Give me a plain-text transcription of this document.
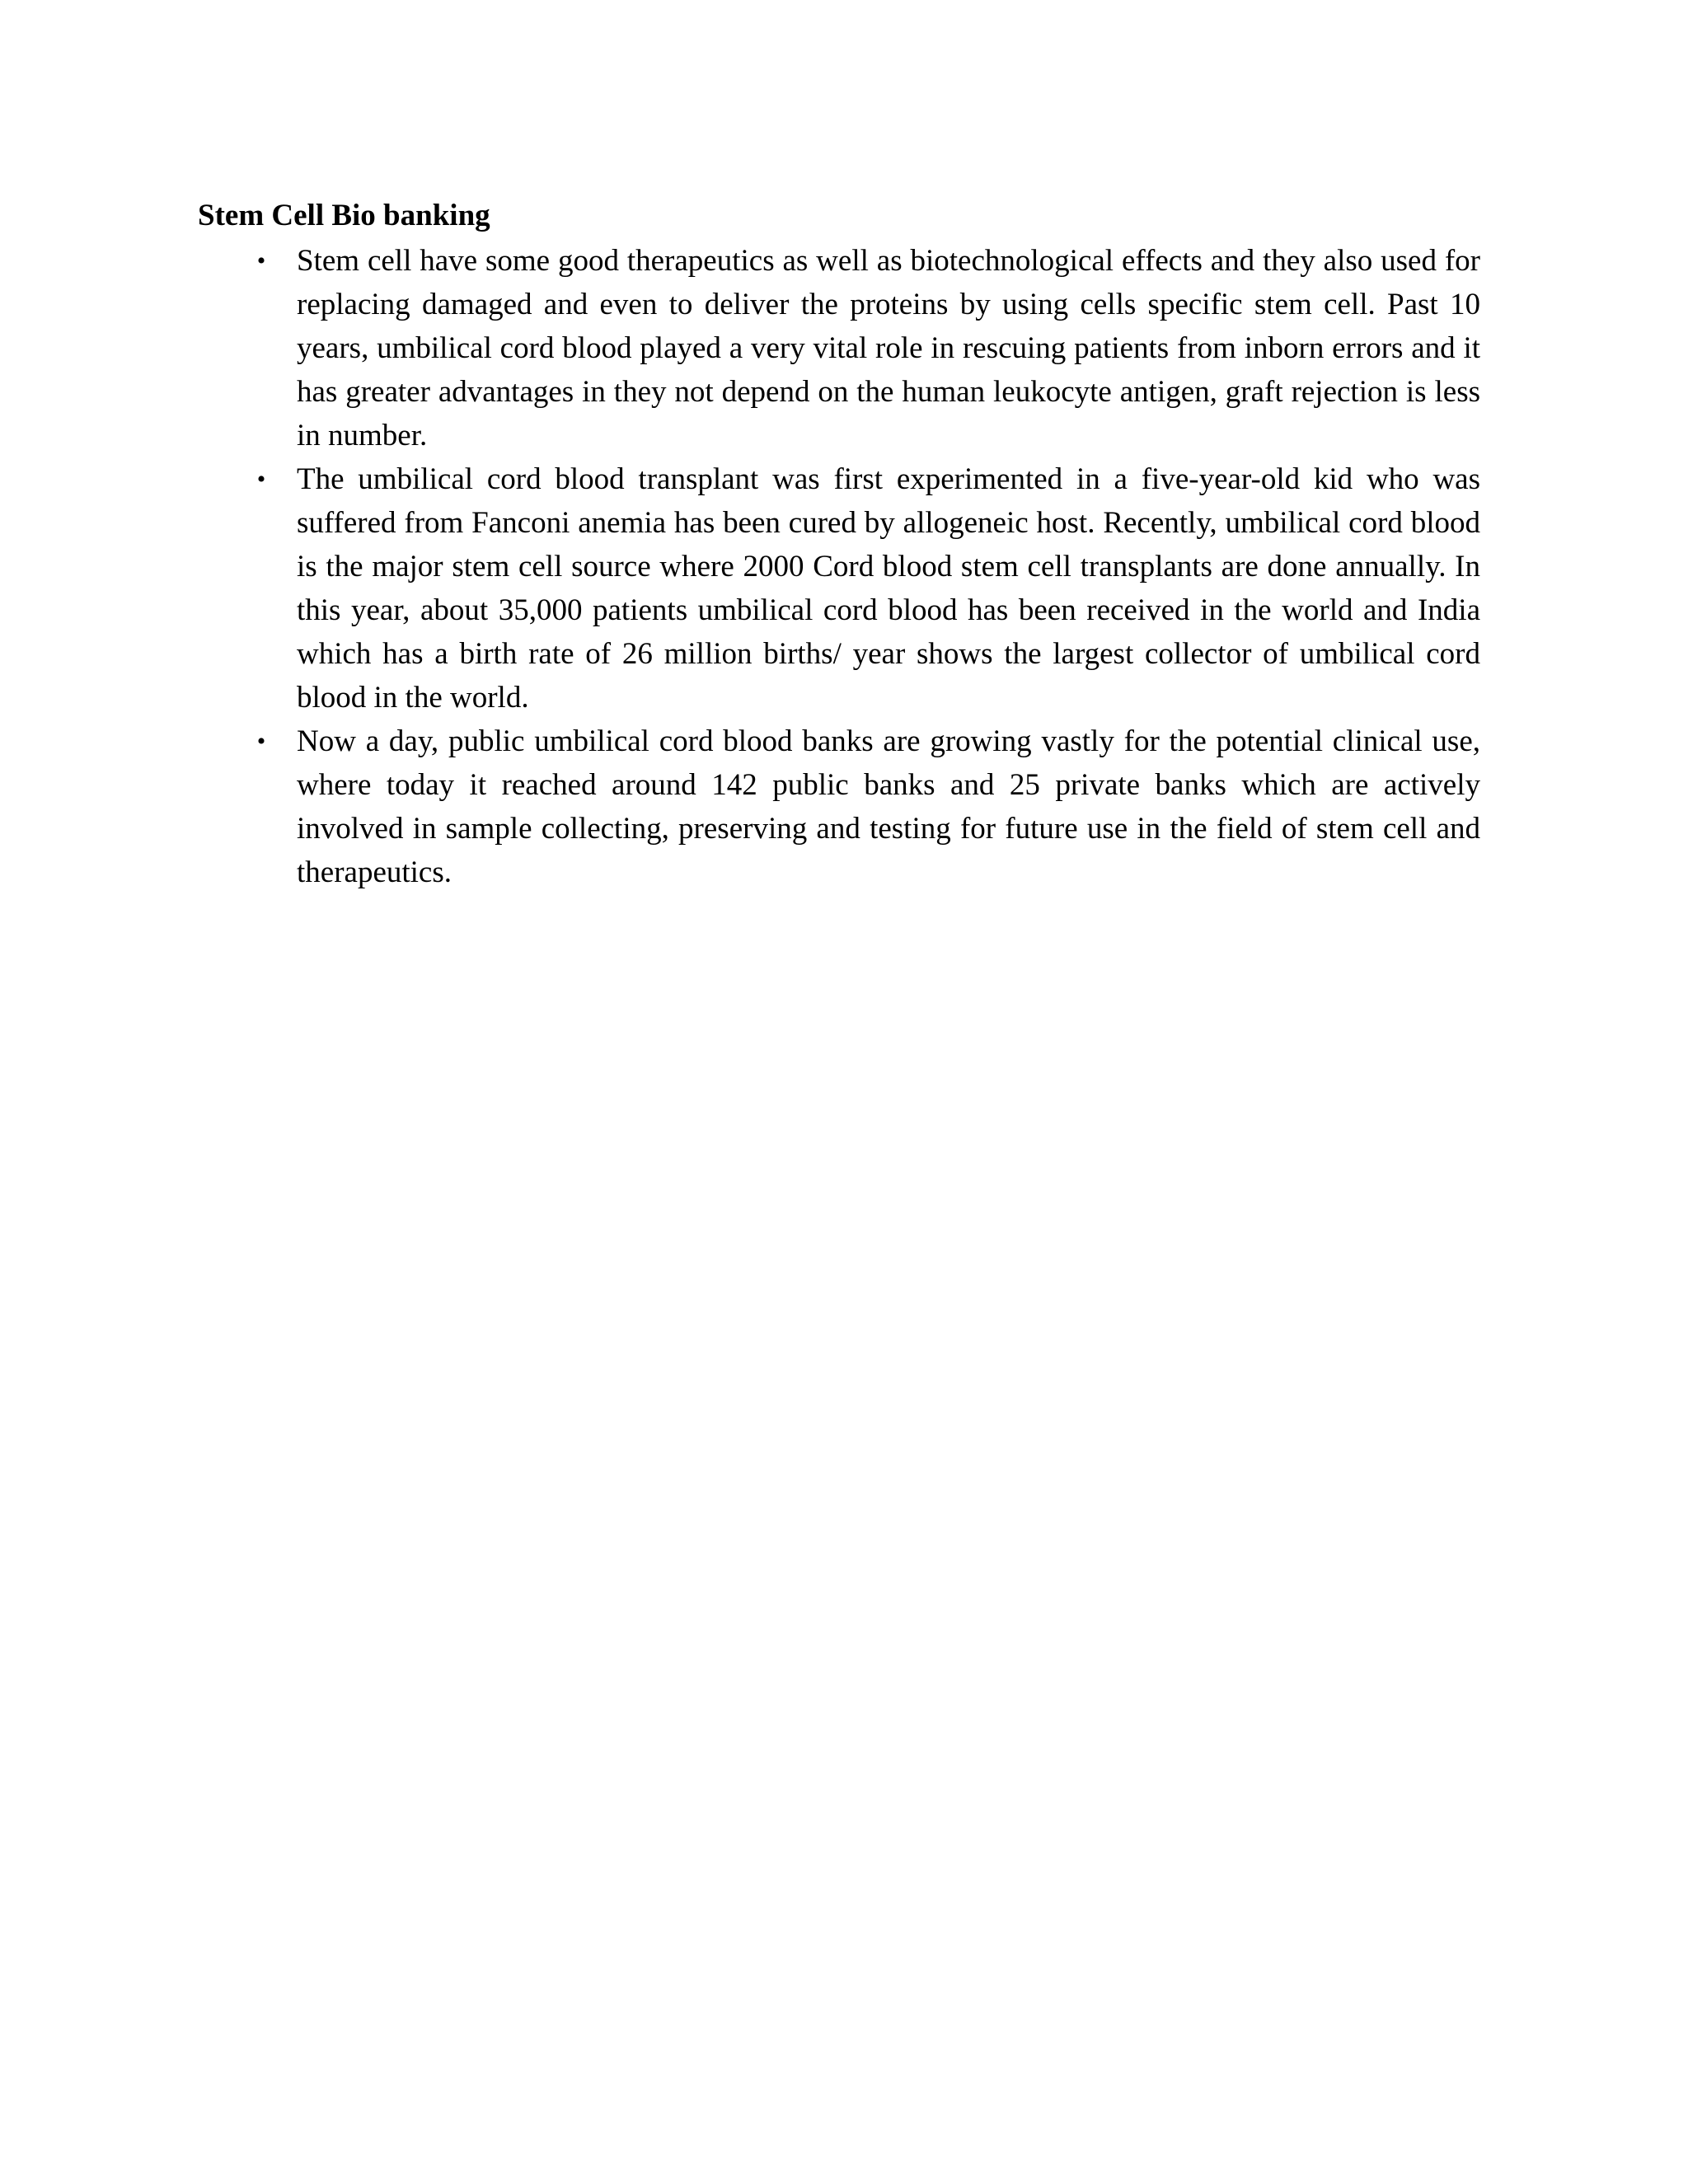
Stem Cell Bio banking
• Stem cell have some good therapeutics as well as biotechnological effects and they also used for replacing damaged and even to deliver the proteins by using cells specific stem cell. Past 10 years, umbilical cord blood played a very vital role in rescuing patients from inborn errors and it has greater advantages in they not depend on the human leukocyte antigen, graft rejection is less in number.
• The umbilical cord blood transplant was first experimented in a five-year-old kid who was suffered from Fanconi anemia has been cured by allogeneic host. Recently, umbilical cord blood is the major stem cell source where 2000 Cord blood stem cell transplants are done annually. In this year, about 35,000 patients umbilical cord blood has been received in the world and India which has a birth rate of 26 million births/ year shows the largest collector of umbilical cord blood in the world.
• Now a day, public umbilical cord blood banks are growing vastly for the potential clinical use, where today it reached around 142 public banks and 25 private banks which are actively involved in sample collecting, preserving and testing for future use in the field of stem cell and therapeutics.
